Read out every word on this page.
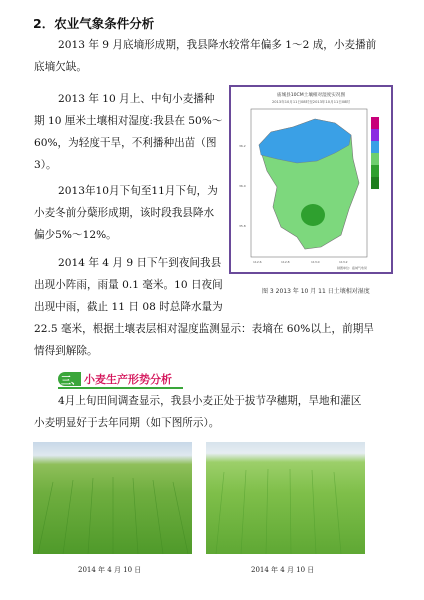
2．农业气象条件分析
2013 年 9 月底墒形成期，我县降水较常年偏多 1～2 成，小麦播前
底墒欠缺。
2013 年 10 月上、中旬小麦播种
期 10 厘米土壤相对湿度:我县在 50%～
60%，为轻度干旱，不利播种出苗（图
3）。
2013年10月下旬至11月下旬，为
小麦冬前分蘖形成期，该时段我县降水
偏少5%～12%。
2014 年 4 月 9 日下午到夜间我县
出现小阵雨，雨量 0.1 毫米。10 日夜间
出现中雨，截止 11 日 08 时总降水量为
22.5 毫米，根据土壤表层相对湿度监测显示：表墒在 60%以上，前期旱
情得到解除。
庙城县10CM土壤相对湿度实况图
2013年10月11日08时至2013年10月11日08时
112.6	112.8	113.0	113.2
36.2
36.0
35.8
制图单位：庙城气象局
图 3 2013 年 10 月 11 日土壤相对湿度
三、 小麦生产形势分析
4月上旬田间调查显示，我县小麦正处于拔节孕穗期，旱地和灌区
小麦明显好于去年同期（如下图所示）。
2014 年 4 月 10 日	2014 年 4 月 10 日
